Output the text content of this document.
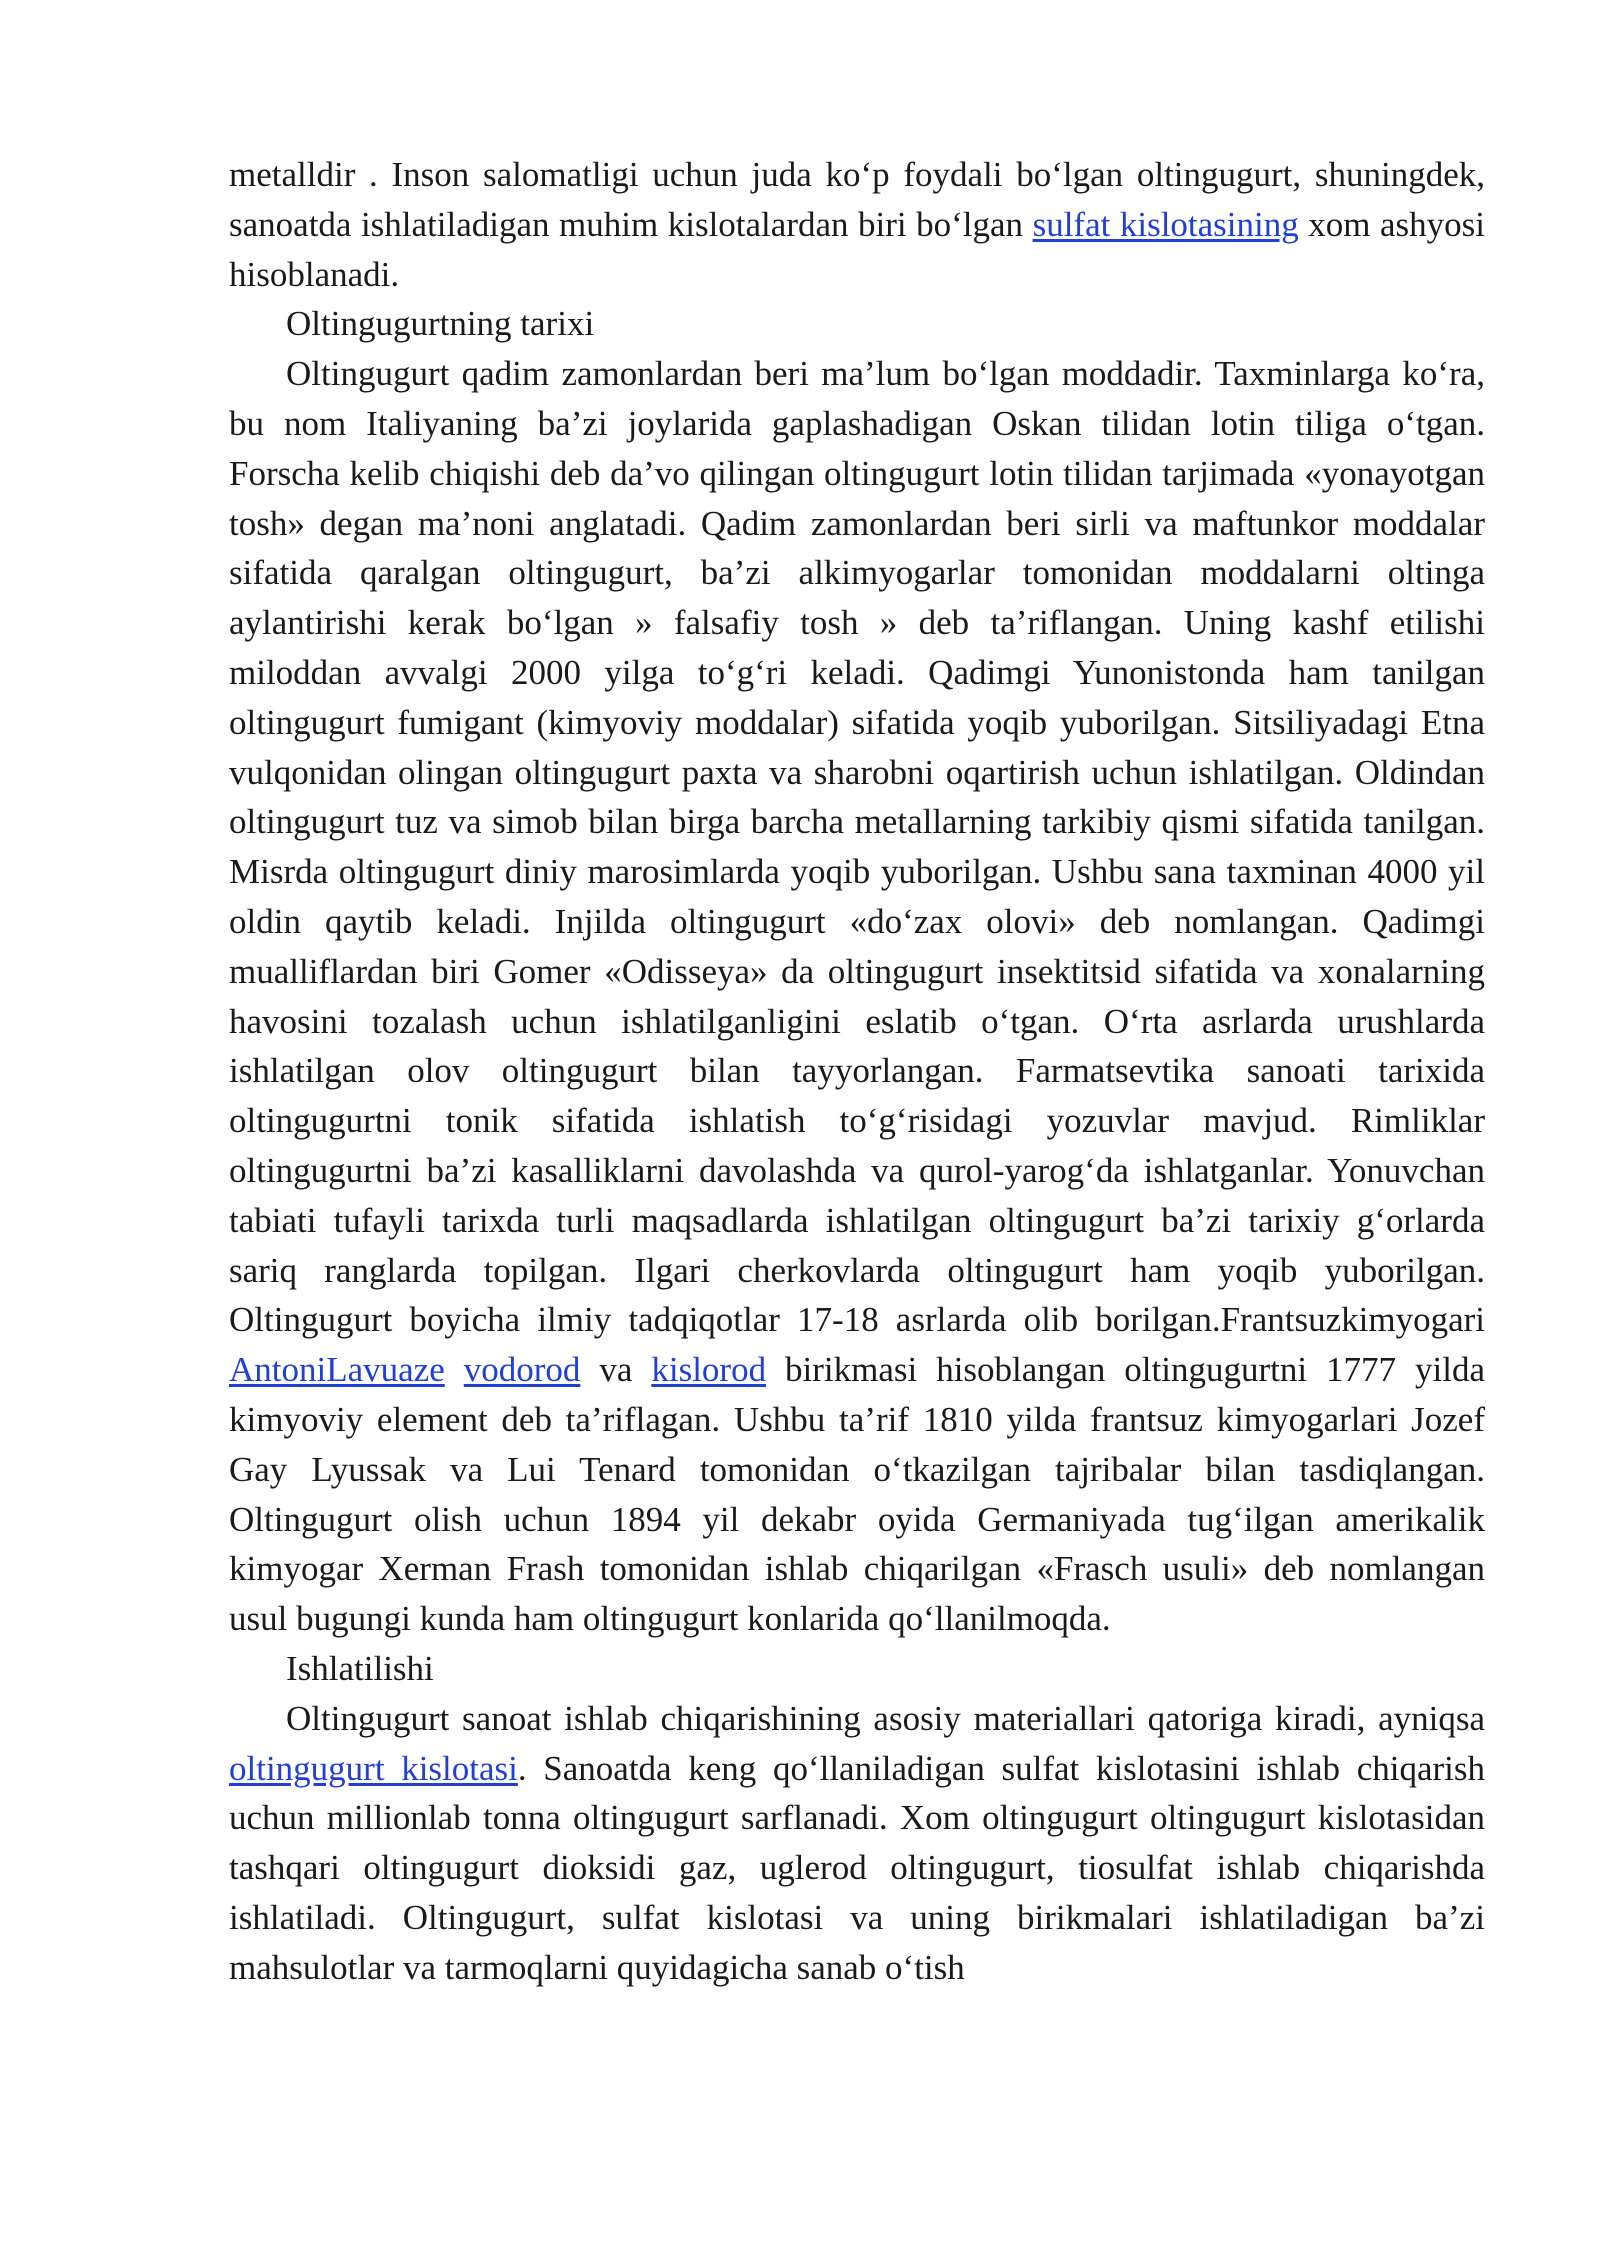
metalldir . Inson salomatligi uchun juda ko‘p foydali bo‘lgan oltingugurt, shuningdek, sanoatda ishlatiladigan muhim kislotalardan biri bo‘lgan sulfat kislotasining xom ashyosi hisoblanadi.

Oltingugurtning tarixi

Oltingugurt qadim zamonlardan beri ma’lum bo‘lgan moddadir. Taxminlarga ko‘ra, bu nom Italiyaning ba’zi joylarida gaplashadigan Oskan tilidan lotin tiliga o‘tgan. Forscha kelib chiqishi deb da’vo qilingan oltingugurt lotin tilidan tarjimada «yonayotgan tosh» degan ma’noni anglatadi. Qadim zamonlardan beri sirli va maftunkor moddalar sifatida qaralgan oltingugurt, ba’zi alkimyogarlar tomonidan moddalarni oltinga aylantirishi kerak bo‘lgan » falsafiy tosh » deb ta’riflangan. Uning kashf etilishi miloddan avvalgi 2000 yilga to‘g‘ri keladi. Qadimgi Yunonistonda ham tanilgan oltingugurt fumigant (kimyoviy moddalar) sifatida yoqib yuborilgan. Sitsiliyadagi Etna vulqonidan olingan oltingugurt paxta va sharobni oqartirish uchun ishlatilgan. Oldindan oltingugurt tuz va simob bilan birga barcha metallarning tarkibiy qismi sifatida tanilgan. Misrda oltingugurt diniy marosimlarda yoqib yuborilgan. Ushbu sana taxminan 4000 yil oldin qaytib keladi. Injilda oltingugurt «do‘zax olovi» deb nomlangan. Qadimgi mualliflardan biri Gomer «Odisseya» da oltingugurt insektitsid sifatida va xonalarning havosini tozalash uchun ishlatilganligini eslatib o‘tgan. O‘rta asrlarda urushlarda ishlatilgan olov oltingugurt bilan tayyorlangan. Farmatsevtika sanoati tarixida oltingugurtni tonik sifatida ishlatish to‘g‘risidagi yozuvlar mavjud. Rimliklar oltingugurtni ba’zi kasalliklarni davolashda va qurol-yarog‘da ishlatganlar. Yonuvchan tabiati tufayli tarixda turli maqsadlarda ishlatilgan oltingugurt ba’zi tarixiy g‘orlarda sariq ranglarda topilgan. Ilgari cherkovlarda oltingugurt ham yoqib yuborilgan. Oltingugurt boyicha ilmiy tadqiqotlar 17-18 asrlarda olib borilgan.Frantsuzkimyogari AntoniLavuaze vodorod va kislorod birikmasi hisoblangan oltingugurtni 1777 yilda kimyoviy element deb ta’riflagan. Ushbu ta’rif 1810 yilda frantsuz kimyogarlari Jozef Gay Lyussak va Lui Tenard tomonidan o‘tkazilgan tajribalar bilan tasdiqlangan. Oltingugurt olish uchun 1894 yil dekabr oyida Germaniyada tug‘ilgan amerikalik kimyogar Xerman Frash tomonidan ishlab chiqarilgan «Frasch usuli» deb nomlangan usul bugungi kunda ham oltingugurt konlarida qo‘llanilmoqda.

Ishlatilishi

Oltingugurt sanoat ishlab chiqarishining asosiy materiallari qatoriga kiradi, ayniqsa oltingugurt kislotasi. Sanoatda keng qo‘llaniladigan sulfat kislotasini ishlab chiqarish uchun millionlab tonna oltingugurt sarflanadi. Xom oltingugurt oltingugurt kislotasidan tashqari oltingugurt dioksidi gaz, uglerod oltingugurt, tiosulfat ishlab chiqarishda ishlatiladi. Oltingugurt, sulfat kislotasi va uning birikmalari ishlatiladigan ba’zi mahsulotlar va tarmoqlarni quyidagicha sanab o‘tish
